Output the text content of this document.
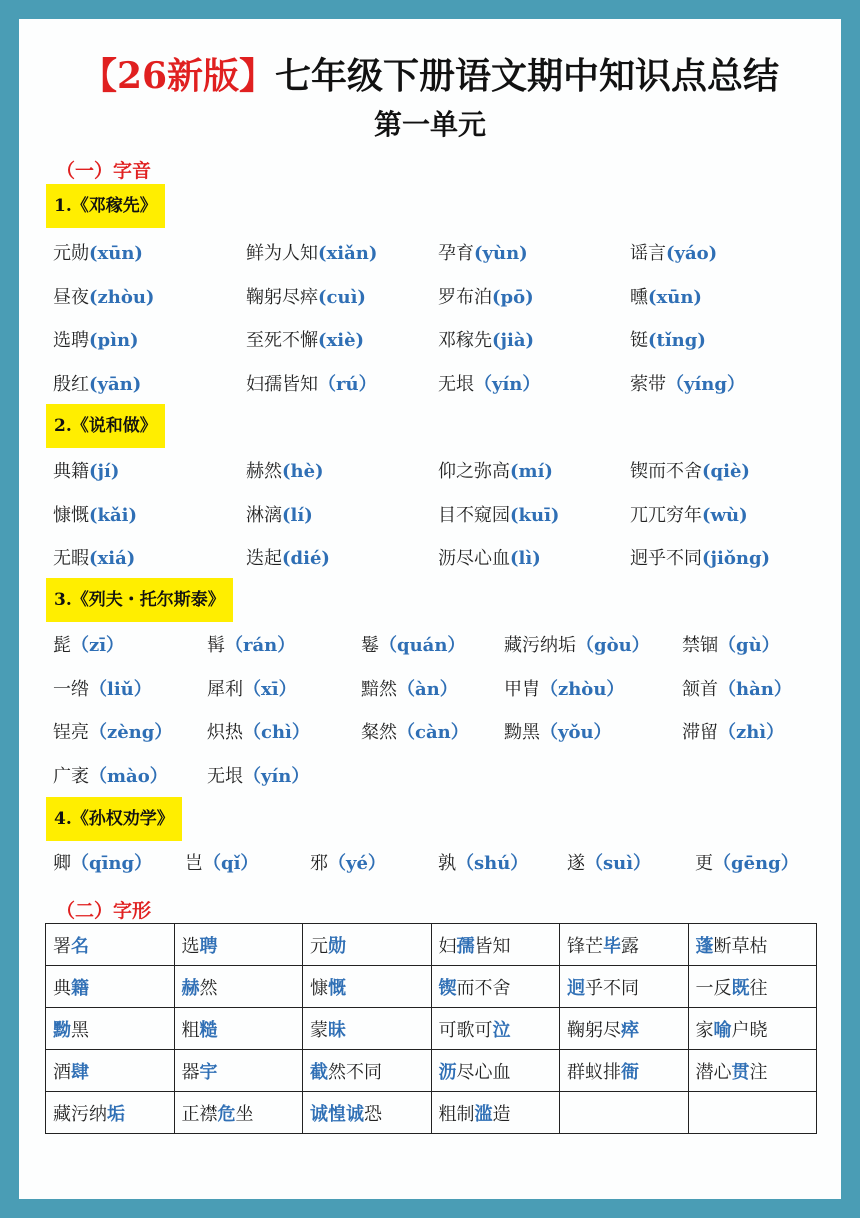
【26新版】七年级下册语文期中知识点总结
第一单元
（一）字音
1.《邓稼先》
元勋(xūn)	鲜为人知(xiǎn)	孕育(yùn)	谣言(yáo)
昼夜(zhòu)	鞠躬尽瘁(cuì)	罗布泊(pō)	曛(xūn)
选聘(pìn)	至死不懈(xiè)	邓稼先(jià)	铤(tǐng)
殷红(yān)	妇孺皆知（rú）	无垠（yín）	萦带（yíng）
2.《说和做》
典籍(jí)	赫然(hè)	仰之弥高(mí)	锲而不舍(qiè)
慷慨(kǎi)	淋漓(lí)	目不窥园(kuī)	兀兀穷年(wù)
无暇(xiá)	迭起(dié)	沥尽心血(lì)	迥乎不同(jiǒng)
3.《列夫・托尔斯泰》
髭（zī）	髯（rán）	鬈（quán） 藏污纳垢（gòu） 禁锢（gù）
一绺（liǔ）	犀利（xī）	黯然（àn）	甲胄（zhòu）	颔首（hàn）
锃亮（zèng） 炽热（chì）	粲然（càn） 黝黑（yǒu）	滞留（zhì）
广袤（mào） 无垠（yín）
4.《孙权劝学》
卿（qīng） 岂（qǐ）	邪（yé）	孰（shú） 遂（suì） 更（gēng）
（二）字形
署名	选聘	元勋	妇孺皆知	锋芒毕露	蓬断草枯
典籍	赫然	慷慨	锲而不舍	迥乎不同	一反既往
黝黑	粗糙	蒙昧	可歌可泣	鞠躬尽瘁	家喻户晓
酒肆	器宇	截然不同	沥尽心血	群蚁排衙	潜心贯注
藏污纳垢	正襟危坐	诚惶诚恐	粗制滥造		
